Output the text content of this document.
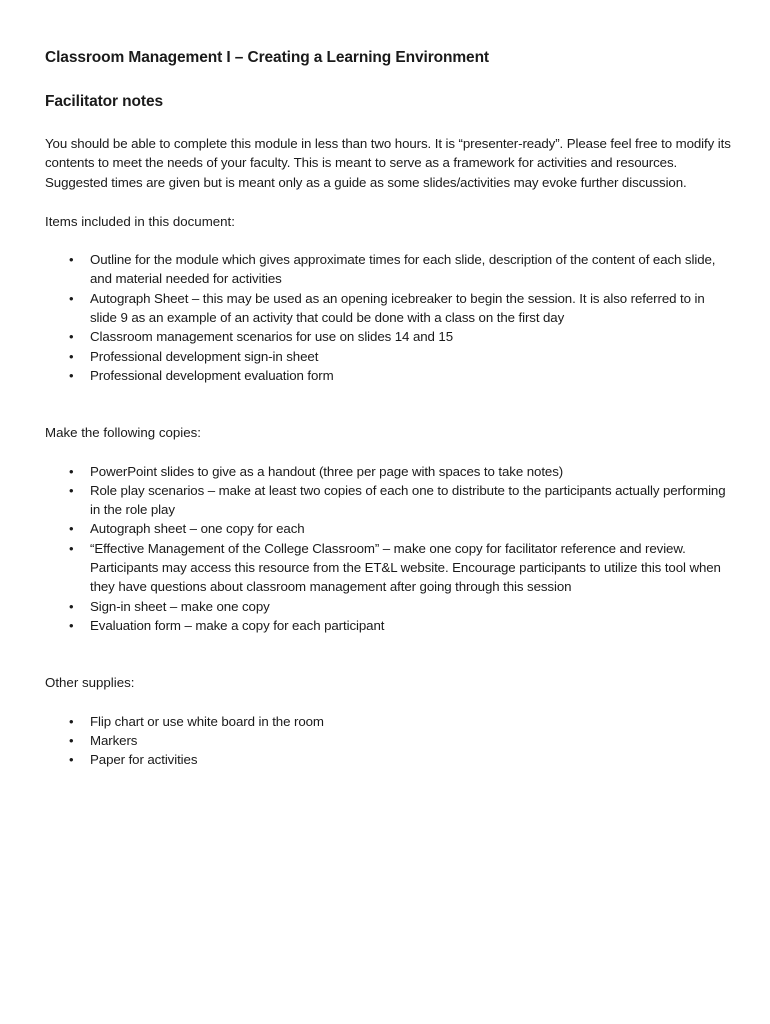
Classroom Management I – Creating a Learning Environment
Facilitator notes

You should be able to complete this module in less than two hours. It is “presenter-ready”. Please feel free to modify its contents to meet the needs of your faculty. This is meant to serve as a framework for activities and resources. Suggested times are given but is meant only as a guide as some slides/activities may evoke further discussion.

Items included in this document:

• Outline for the module which gives approximate times for each slide, description of the content of each slide, and material needed for activities
• Autograph Sheet – this may be used as an opening icebreaker to begin the session. It is also referred to in slide 9 as an example of an activity that could be done with a class on the first day
• Classroom management scenarios for use on slides 14 and 15
• Professional development sign-in sheet
• Professional development evaluation form

Make the following copies:

• PowerPoint slides to give as a handout (three per page with spaces to take notes)
• Role play scenarios – make at least two copies of each one to distribute to the participants actually performing in the role play
• Autograph sheet – one copy for each
• “Effective Management of the College Classroom” – make one copy for facilitator reference and review. Participants may access this resource from the ET&L website. Encourage participants to utilize this tool when they have questions about classroom management after going through this session
• Sign-in sheet – make one copy
• Evaluation form – make a copy for each participant

Other supplies:

• Flip chart or use white board in the room
• Markers
• Paper for activities
